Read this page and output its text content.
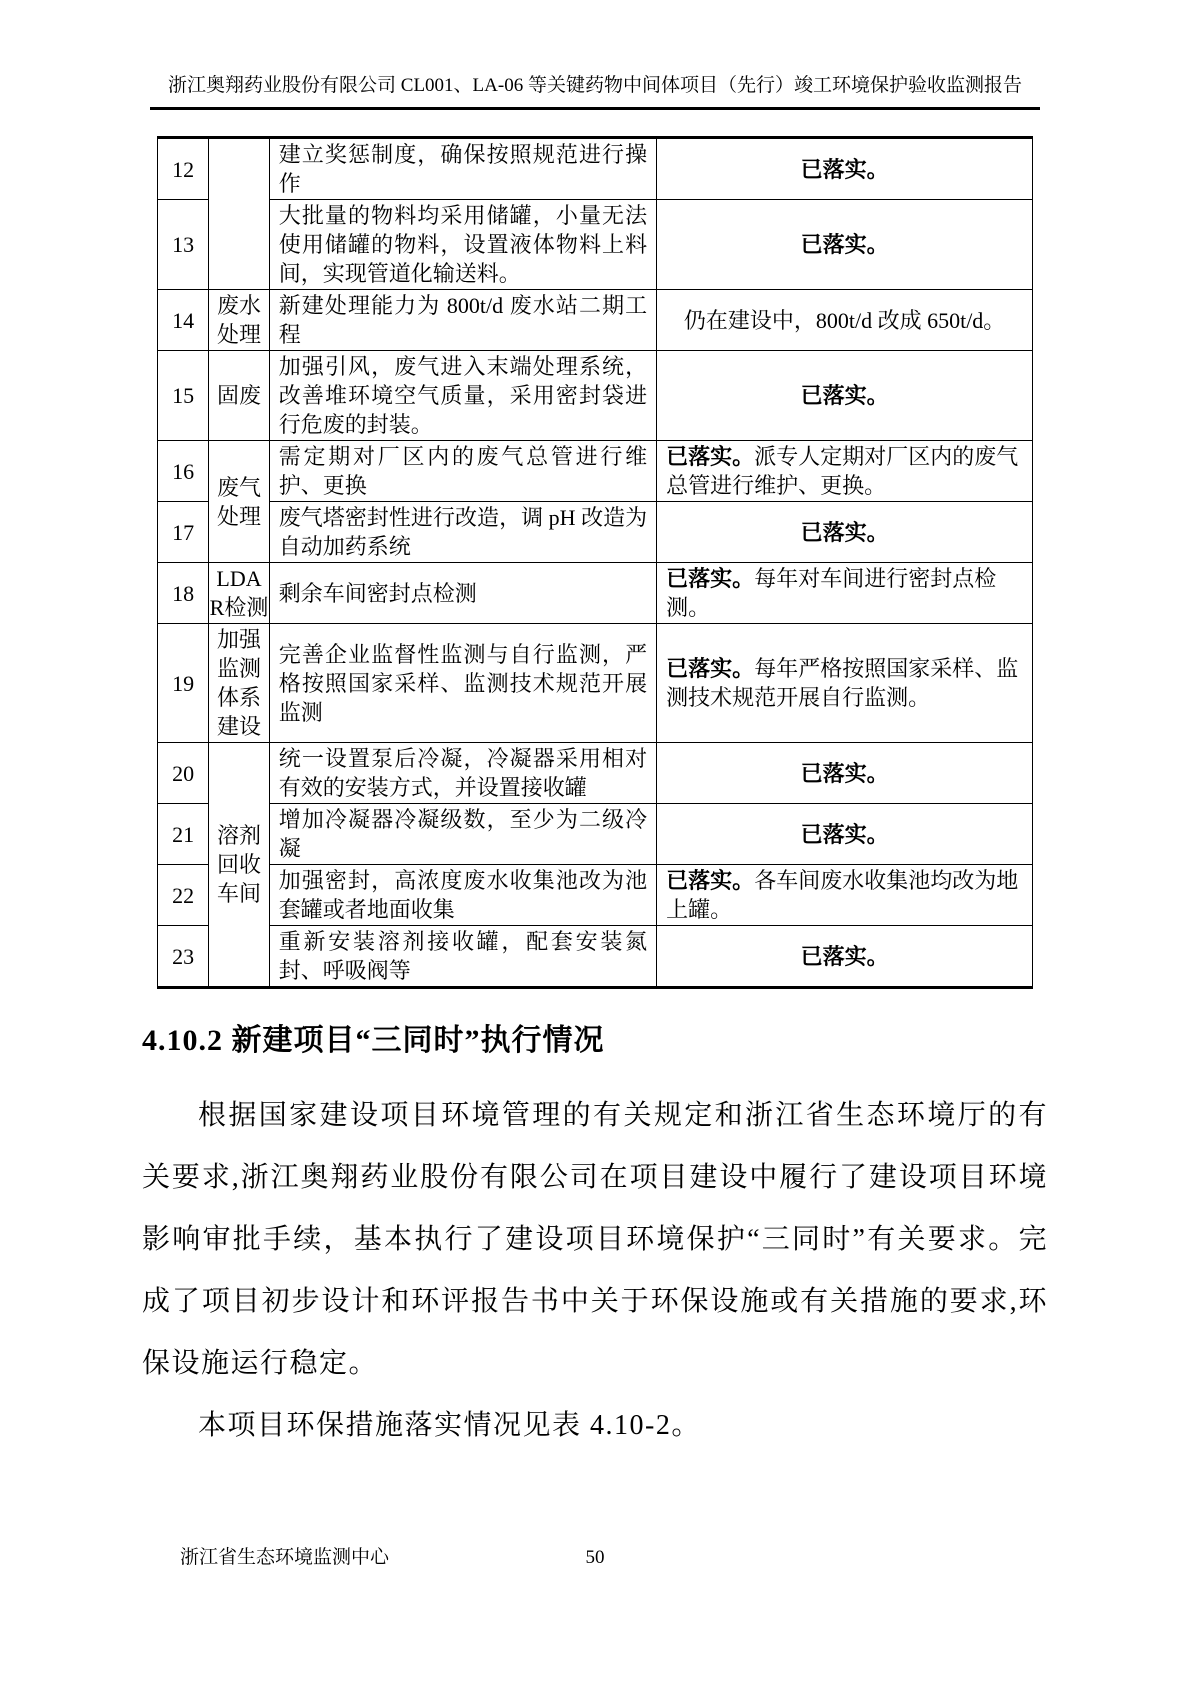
浙江奥翔药业股份有限公司 CL001、LA-06 等关键药物中间体项目（先行）竣工环境保护验收监测报告
12		建立奖惩制度，确保按照规范进行操作	已落实。
13		大批量的物料均采用储罐，小量无法使用储罐的物料，设置液体物料上料间，实现管道化输送料。	已落实。
14	废水处理	新建处理能力为 800t/d 废水站二期工程	仍在建设中，800t/d 改成 650t/d。
15	固废	加强引风，废气进入末端处理系统，改善堆环境空气质量，采用密封袋进行危废的封装。	已落实。
16	废气处理	需定期对厂区内的废气总管进行维护、更换	已落实。派专人定期对厂区内的废气总管进行维护、更换。
17		废气塔密封性进行改造，调 pH 改造为自动加药系统	已落实。
18	LDAR检测	剩余车间密封点检测	已落实。每年对车间进行密封点检测。
19	加强监测体系建设	完善企业监督性监测与自行监测，严格按照国家采样、监测技术规范开展监测	已落实。每年严格按照国家采样、监测技术规范开展自行监测。
20	溶剂回收车间	统一设置泵后冷凝，冷凝器采用相对有效的安装方式，并设置接收罐	已落实。
21		增加冷凝器冷凝级数，至少为二级冷凝	已落实。
22		加强密封，高浓度废水收集池改为池套罐或者地面收集	已落实。各车间废水收集池均改为地上罐。
23		重新安装溶剂接收罐，配套安装氮封、呼吸阀等	已落实。
4.10.2 新建项目“三同时”执行情况

根据国家建设项目环境管理的有关规定和浙江省生态环境厅的有关要求,浙江奥翔药业股份有限公司在项目建设中履行了建设项目环境影响审批手续，基本执行了建设项目环境保护“三同时”有关要求。完成了项目初步设计和环评报告书中关于环保设施或有关措施的要求,环保设施运行稳定。

本项目环保措施落实情况见表 4.10-2。

50
浙江省生态环境监测中心
